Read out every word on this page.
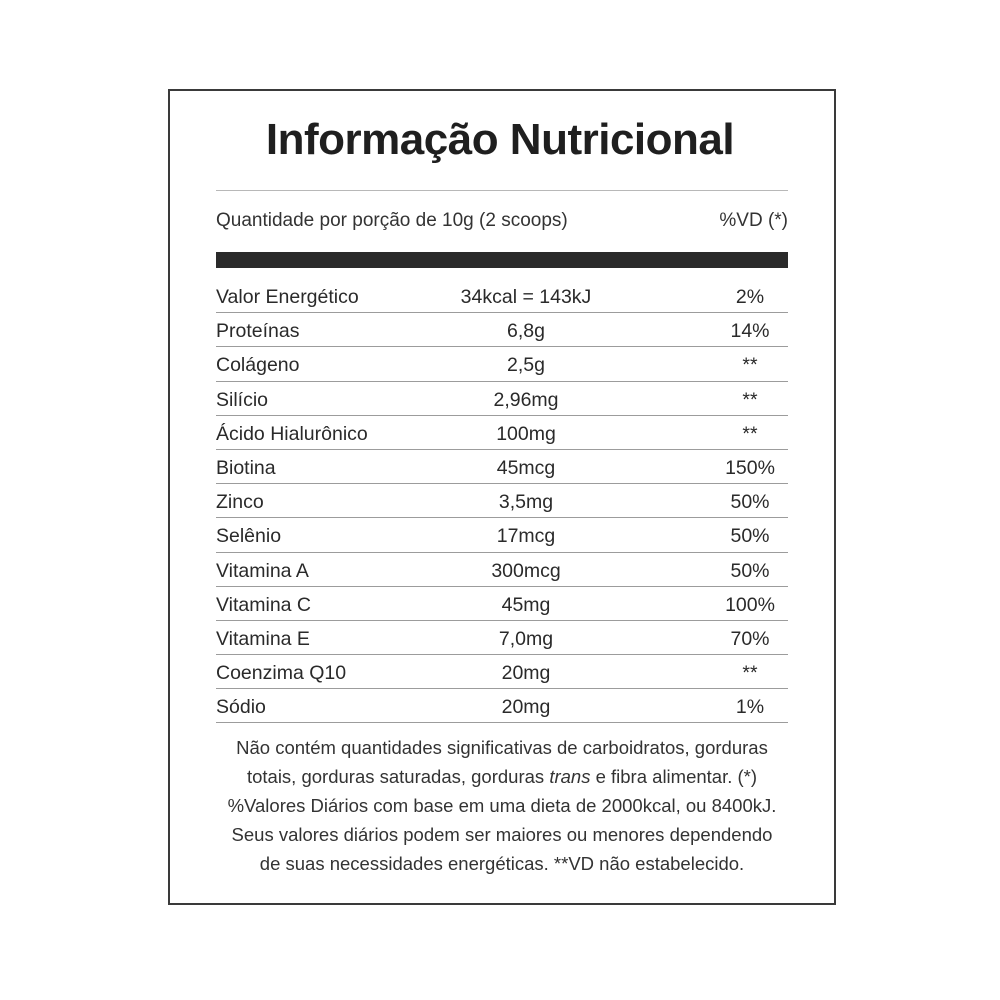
Informação Nutricional
Quantidade por porção de 10g (2 scoops)	%VD (*)
Valor Energético	34kcal = 143kJ	2%
Proteínas	6,8g	14%
Colágeno	2,5g	**
Silício	2,96mg	**
Ácido Hialurônico	100mg	**
Biotina	45mcg	150%
Zinco	3,5mg	50%
Selênio	17mcg	50%
Vitamina A	300mcg	50%
Vitamina C	45mg	100%
Vitamina E	7,0mg	70%
Coenzima Q10	20mg	**
Sódio	20mg	1%
Não contém quantidades significativas de carboidratos, gorduras
totais, gorduras saturadas, gorduras trans e fibra alimentar. (*)
%Valores Diários com base em uma dieta de 2000kcal, ou 8400kJ.
Seus valores diários podem ser maiores ou menores dependendo
de suas necessidades energéticas. **VD não estabelecido.
